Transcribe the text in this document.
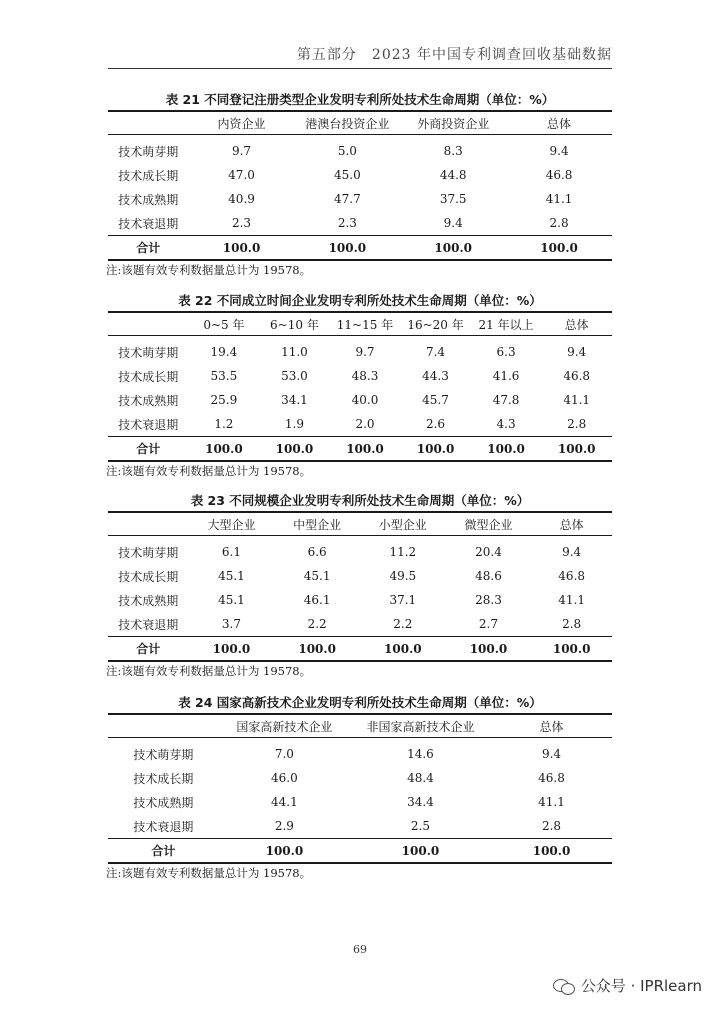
第五部分　2023 年中国专利调查回收基础数据
表 21 不同登记注册类型企业发明专利所处技术生命周期（单位：%）
	内资企业	港澳台投资企业	外商投资企业	总体
技术萌芽期	9.7	5.0	8.3	9.4
技术成长期	47.0	45.0	44.8	46.8
技术成熟期	40.9	47.7	37.5	41.1
技术衰退期	2.3	2.3	9.4	2.8
合计	100.0	100.0	100.0	100.0
注:该题有效专利数据量总计为 19578。
表 22 不同成立时间企业发明专利所处技术生命周期（单位：%）
	0~5 年	6~10 年	11~15 年	16~20 年	21 年以上	总体
技术萌芽期	19.4	11.0	9.7	7.4	6.3	9.4
技术成长期	53.5	53.0	48.3	44.3	41.6	46.8
技术成熟期	25.9	34.1	40.0	45.7	47.8	41.1
技术衰退期	1.2	1.9	2.0	2.6	4.3	2.8
合计	100.0	100.0	100.0	100.0	100.0	100.0
注:该题有效专利数据量总计为 19578。
表 23 不同规模企业发明专利所处技术生命周期（单位：%）
	大型企业	中型企业	小型企业	微型企业	总体
技术萌芽期	6.1	6.6	11.2	20.4	9.4
技术成长期	45.1	45.1	49.5	48.6	46.8
技术成熟期	45.1	46.1	37.1	28.3	41.1
技术衰退期	3.7	2.2	2.2	2.7	2.8
合计	100.0	100.0	100.0	100.0	100.0
注:该题有效专利数据量总计为 19578。
表 24 国家高新技术企业发明专利所处技术生命周期（单位：%）
	国家高新技术企业	非国家高新技术企业	总体
技术萌芽期	7.0	14.6	9.4
技术成长期	46.0	48.4	46.8
技术成熟期	44.1	34.4	41.1
技术衰退期	2.9	2.5	2.8
合计	100.0	100.0	100.0
注:该题有效专利数据量总计为 19578。
69
公众号 · IPRlearn
